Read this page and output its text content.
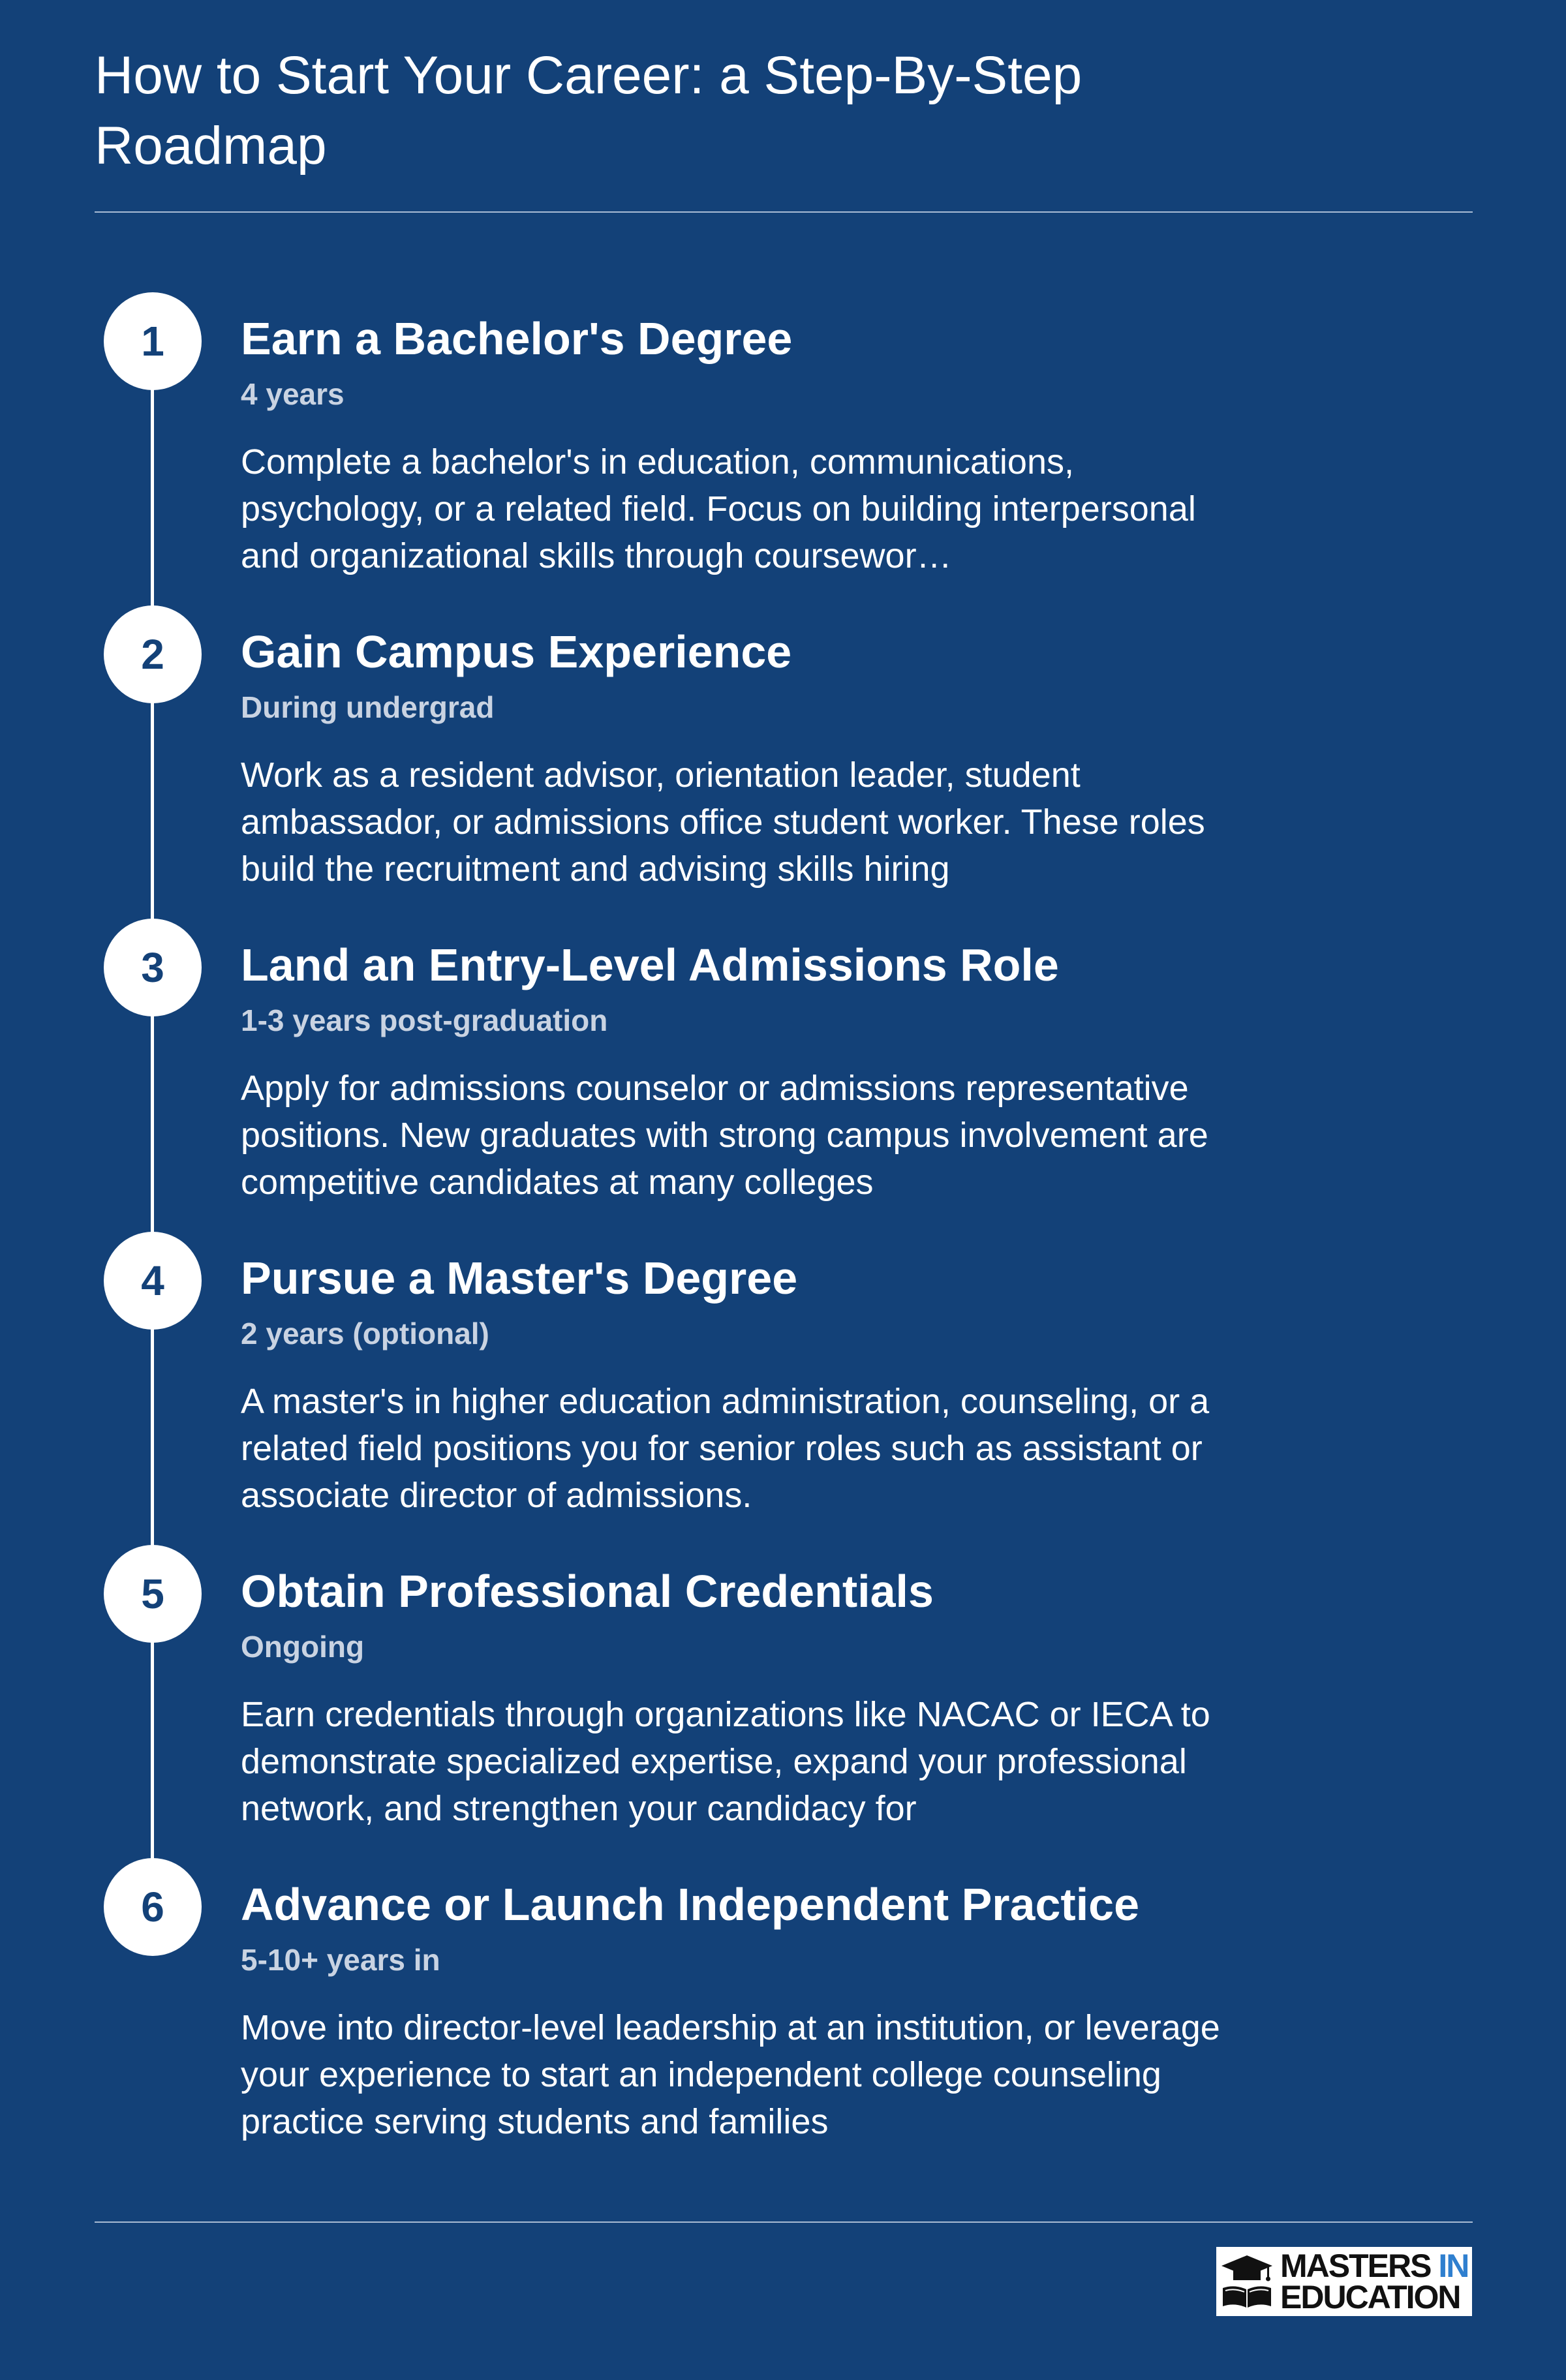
How to Start Your Career: a Step-By-Step Roadmap
1	Earn a Bachelor's Degree
4 years
Complete a bachelor's in education, communications, psychology, or a related field. Focus on building interpersonal and organizational skills through coursewor…
2	Gain Campus Experience
During undergrad
Work as a resident advisor, orientation leader, student ambassador, or admissions office student worker. These roles build the recruitment and advising skills hiring
3	Land an Entry-Level Admissions Role
1-3 years post-graduation
Apply for admissions counselor or admissions representative positions. New graduates with strong campus involvement are competitive candidates at many colleges
4	Pursue a Master's Degree
2 years (optional)
A master's in higher education administration, counseling, or a related field positions you for senior roles such as assistant or associate director of admissions.
5	Obtain Professional Credentials
Ongoing
Earn credentials through organizations like NACAC or IECA to demonstrate specialized expertise, expand your professional network, and strengthen your candidacy for
6	Advance or Launch Independent Practice
5-10+ years in
Move into director-level leadership at an institution, or leverage your experience to start an independent college counseling practice serving students and families
MASTERS IN
EDUCATION
